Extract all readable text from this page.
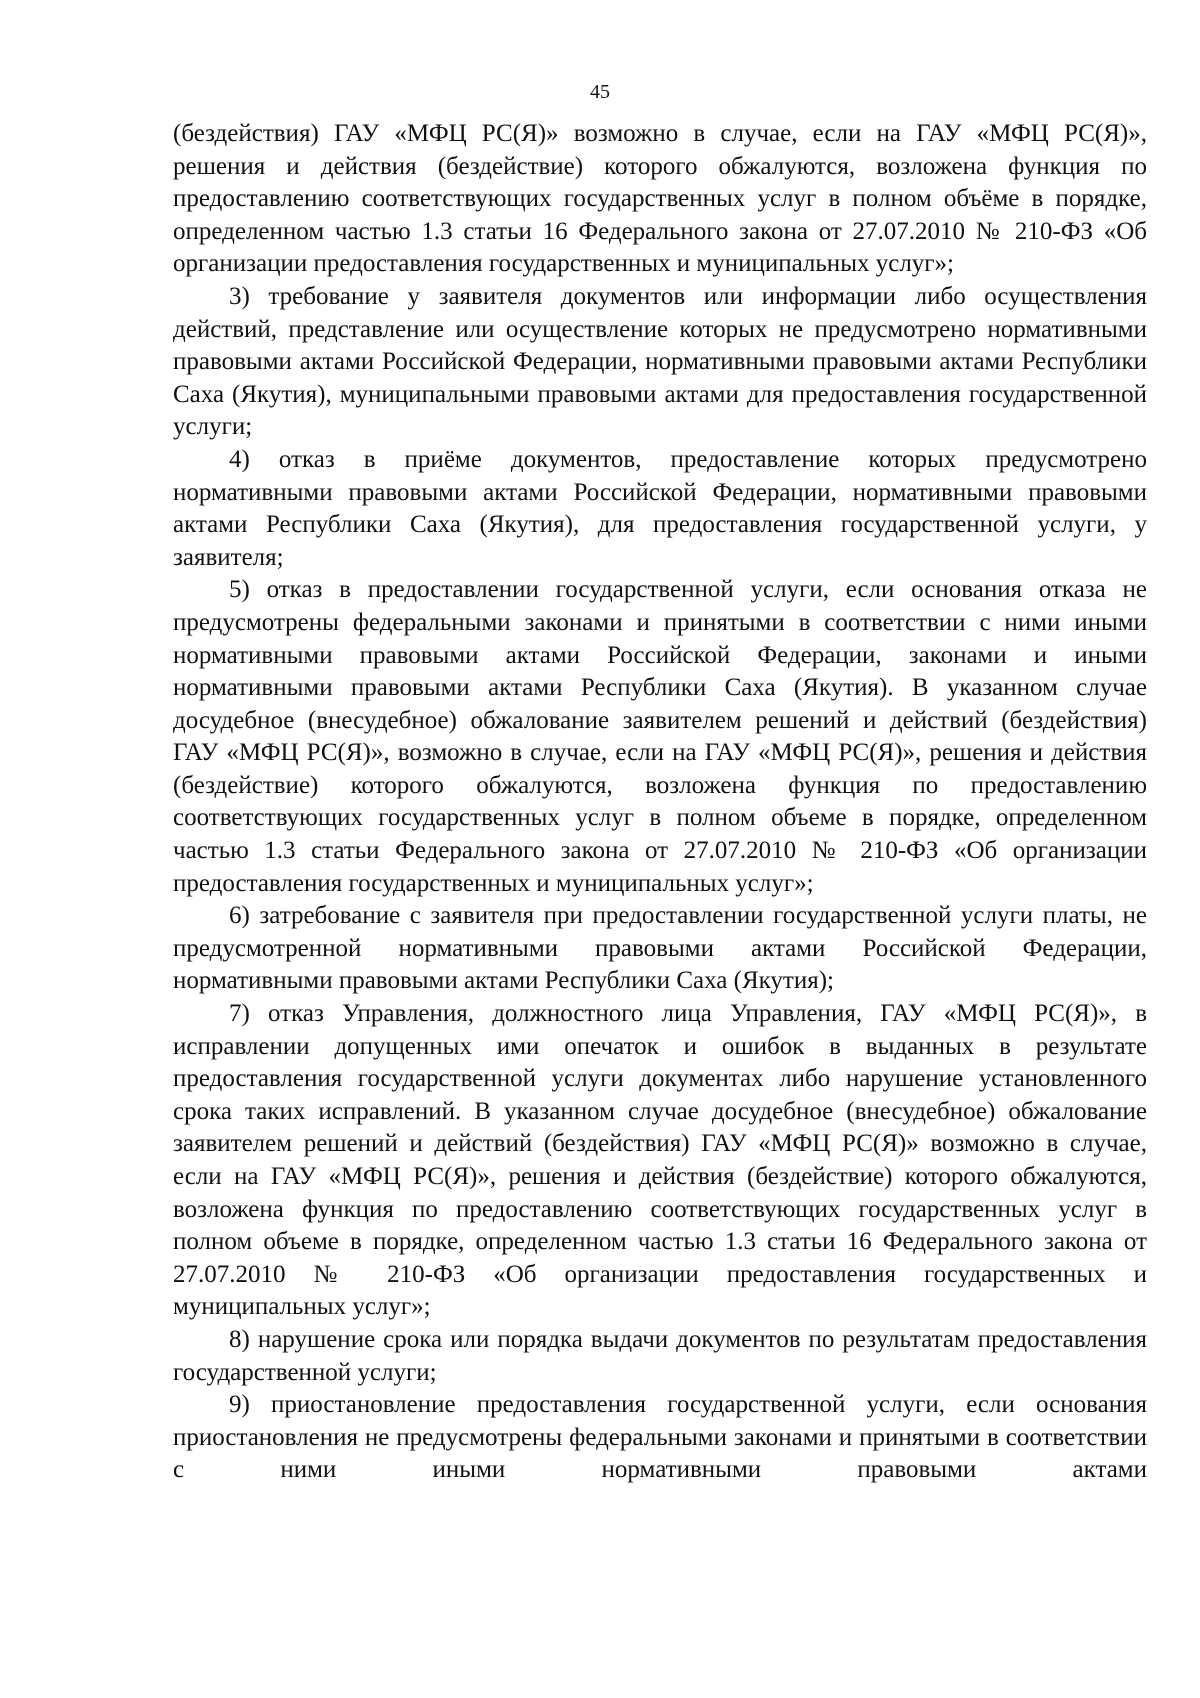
45

(бездействия) ГАУ «МФЦ РС(Я)» возможно в случае, если на ГАУ «МФЦ РС(Я)», решения и действия (бездействие) которого обжалуются, возложена функция по предоставлению соответствующих государственных услуг в полном объёме в порядке, определенном частью 1.3 статьи 16 Федерального закона от 27.07.2010 № 210-ФЗ «Об организации предоставления государственных и муниципальных услуг»;

3) требование у заявителя документов или информации либо осуществления действий, представление или осуществление которых не предусмотрено нормативными правовыми актами Российской Федерации, нормативными правовыми актами Республики Саха (Якутия), муниципальными правовыми актами для предоставления государственной услуги;

4) отказ в приёме документов, предоставление которых предусмотрено нормативными правовыми актами Российской Федерации, нормативными правовыми актами Республики Саха (Якутия), для предоставления государственной услуги, у заявителя;

5) отказ в предоставлении государственной услуги, если основания отказа не предусмотрены федеральными законами и принятыми в соответствии с ними иными нормативными правовыми актами Российской Федерации, законами и иными нормативными правовыми актами Республики Саха (Якутия). В указанном случае досудебное (внесудебное) обжалование заявителем решений и действий (бездействия) ГАУ «МФЦ РС(Я)», возможно в случае, если на ГАУ «МФЦ РС(Я)», решения и действия (бездействие) которого обжалуются, возложена функция по предоставлению соответствующих государственных услуг в полном объеме в порядке, определенном частью 1.3 статьи Федерального закона от 27.07.2010 № 210-ФЗ «Об организации предоставления государственных и муниципальных услуг»;

6) затребование с заявителя при предоставлении государственной услуги платы, не предусмотренной нормативными правовыми актами Российской Федерации, нормативными правовыми актами Республики Саха (Якутия);

7) отказ Управления, должностного лица Управления, ГАУ «МФЦ РС(Я)», в исправлении допущенных ими опечаток и ошибок в выданных в результате предоставления государственной услуги документах либо нарушение установленного срока таких исправлений. В указанном случае досудебное (внесудебное) обжалование заявителем решений и действий (бездействия) ГАУ «МФЦ РС(Я)» возможно в случае, если на ГАУ «МФЦ РС(Я)», решения и действия (бездействие) которого обжалуются, возложена функция по предоставлению соответствующих государственных услуг в полном объеме в порядке, определенном частью 1.3 статьи 16 Федерального закона от 27.07.2010 № 210-ФЗ «Об организации предоставления государственных и муниципальных услуг»;

8) нарушение срока или порядка выдачи документов по результатам предоставления государственной услуги;

9) приостановление предоставления государственной услуги, если основания приостановления не предусмотрены федеральными законами и принятыми в соответствии с ними иными нормативными правовыми актами
